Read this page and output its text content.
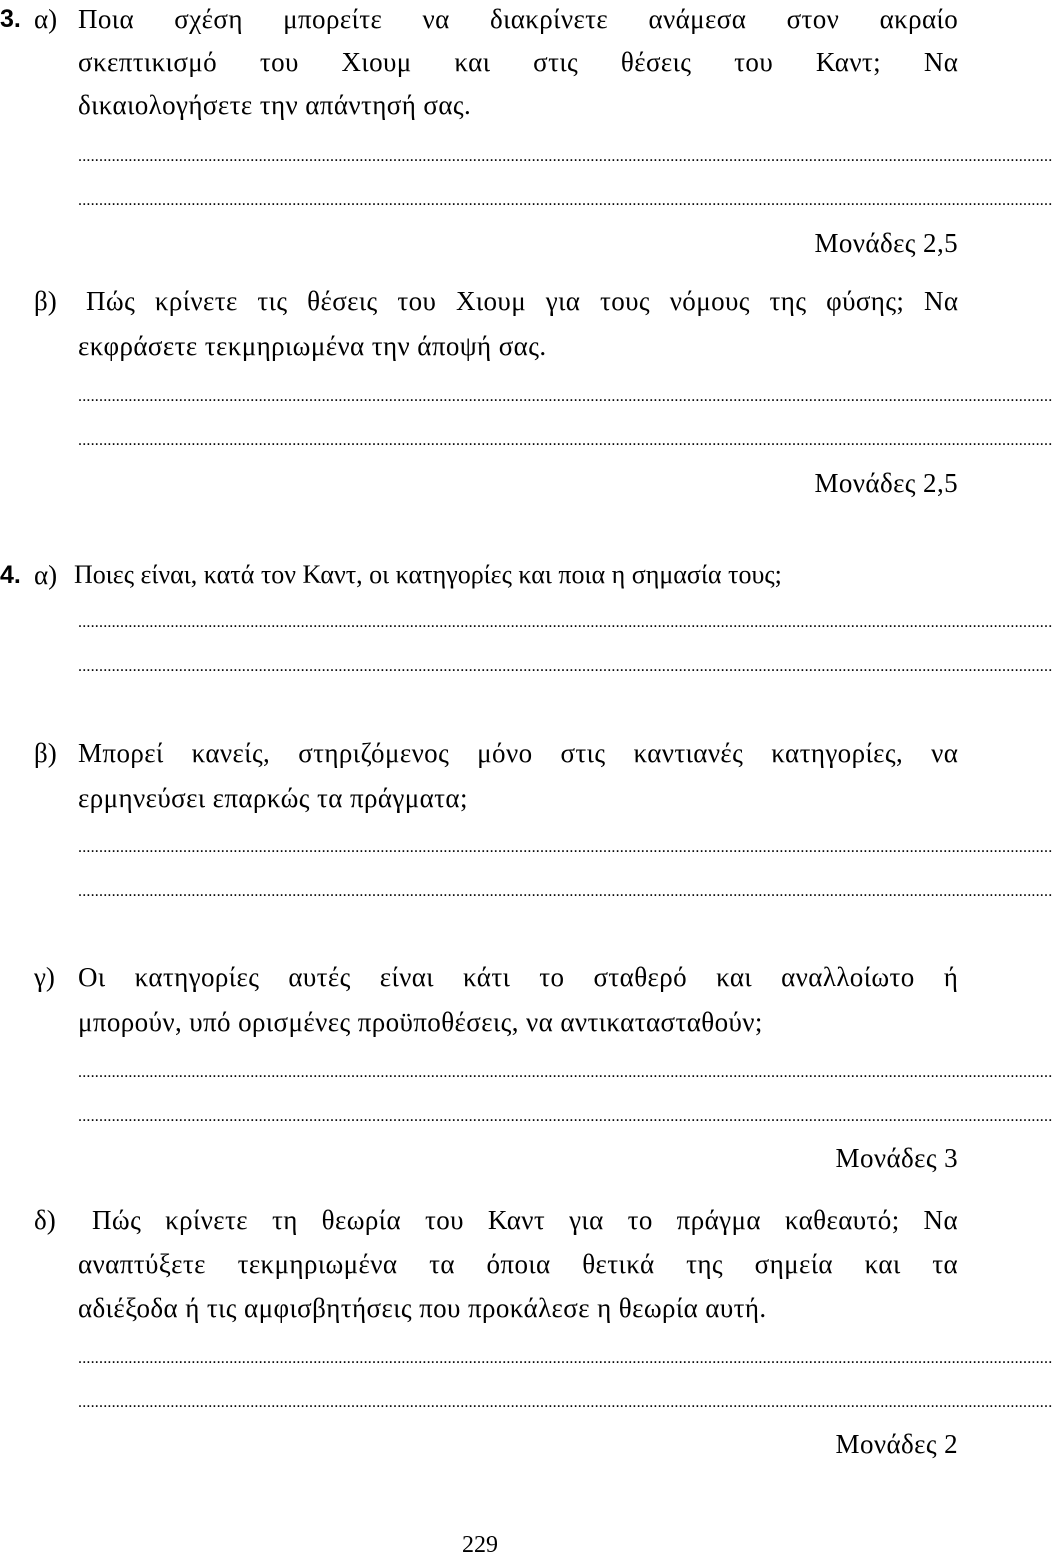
3. α) Ποια σχέση μπορείτε να διακρίνετε ανάμεσα στον ακραίο
σκεπτικισμό του Χιουμ και στις θέσεις του Καντ; Να
δικαιολογήσετε την απάντησή σας.
........................................................................................................................................................................................................................................
........................................................................................................................................................................................................................................
Μονάδες 2,5
β) Πώς κρίνετε τις θέσεις του Χιουμ για τους νόμους της φύσης; Να
εκφράσετε τεκμηριωμένα την άποψή σας.
........................................................................................................................................................................................................................................
........................................................................................................................................................................................................................................
Μονάδες 2,5
4. α) Ποιες είναι, κατά τον Καντ, οι κατηγορίες και ποια η σημασία τους;
........................................................................................................................................................................................................................................
........................................................................................................................................................................................................................................
β) Μπορεί κανείς, στηριζόμενος μόνο στις καντιανές κατηγορίες, να
ερμηνεύσει επαρκώς τα πράγματα;
........................................................................................................................................................................................................................................
........................................................................................................................................................................................................................................
γ) Οι κατηγορίες αυτές είναι κάτι το σταθερό και αναλλοίωτο ή
μπορούν, υπό ορισμένες προϋποθέσεις, να αντικατασταθούν;
........................................................................................................................................................................................................................................
........................................................................................................................................................................................................................................
Μονάδες 3
δ) Πώς κρίνετε τη θεωρία του Καντ για το πράγμα καθεαυτό; Να
αναπτύξετε τεκμηριωμένα τα όποια θετικά της σημεία και τα
αδιέξοδα ή τις αμφισβητήσεις που προκάλεσε η θεωρία αυτή.
........................................................................................................................................................................................................................................
........................................................................................................................................................................................................................................
Μονάδες 2
229
